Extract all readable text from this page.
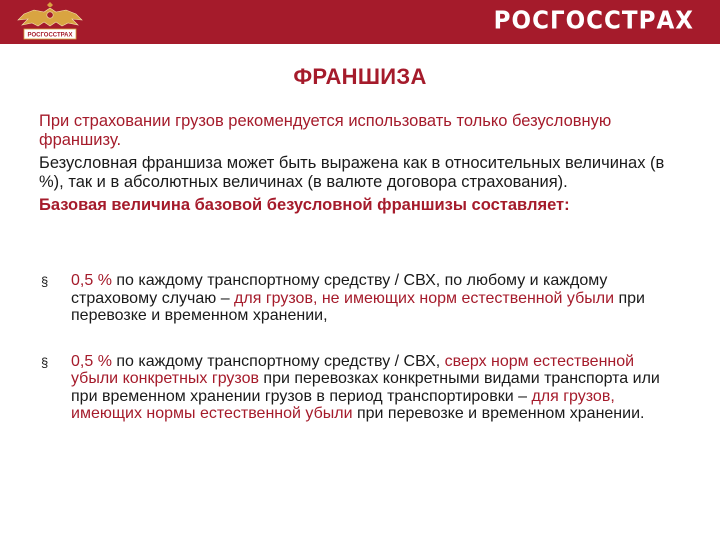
РОСГОССТРАХ
РОСГОССТРАХ
ФРАНШИЗА

При страховании грузов рекомендуется использовать только безусловную франшизу.

Безусловная франшиза может быть выражена как в относительных величинах (в %), так и в абсолютных величинах (в валюте договора страхования).

Базовая величина базовой безусловной франшизы составляет:

§ 0,5 % по каждому транспортному средству / СВХ, по любому и каждому страховому случаю – для грузов, не имеющих норм естественной убыли при перевозке и временном хранении,

§ 0,5 % по каждому транспортному средству / СВХ, сверх норм естественной убыли конкретных грузов при перевозках конкретными видами транспорта или при временном хранении грузов в период транспортировки – для грузов, имеющих нормы естественной убыли при перевозке и временном хранении.
